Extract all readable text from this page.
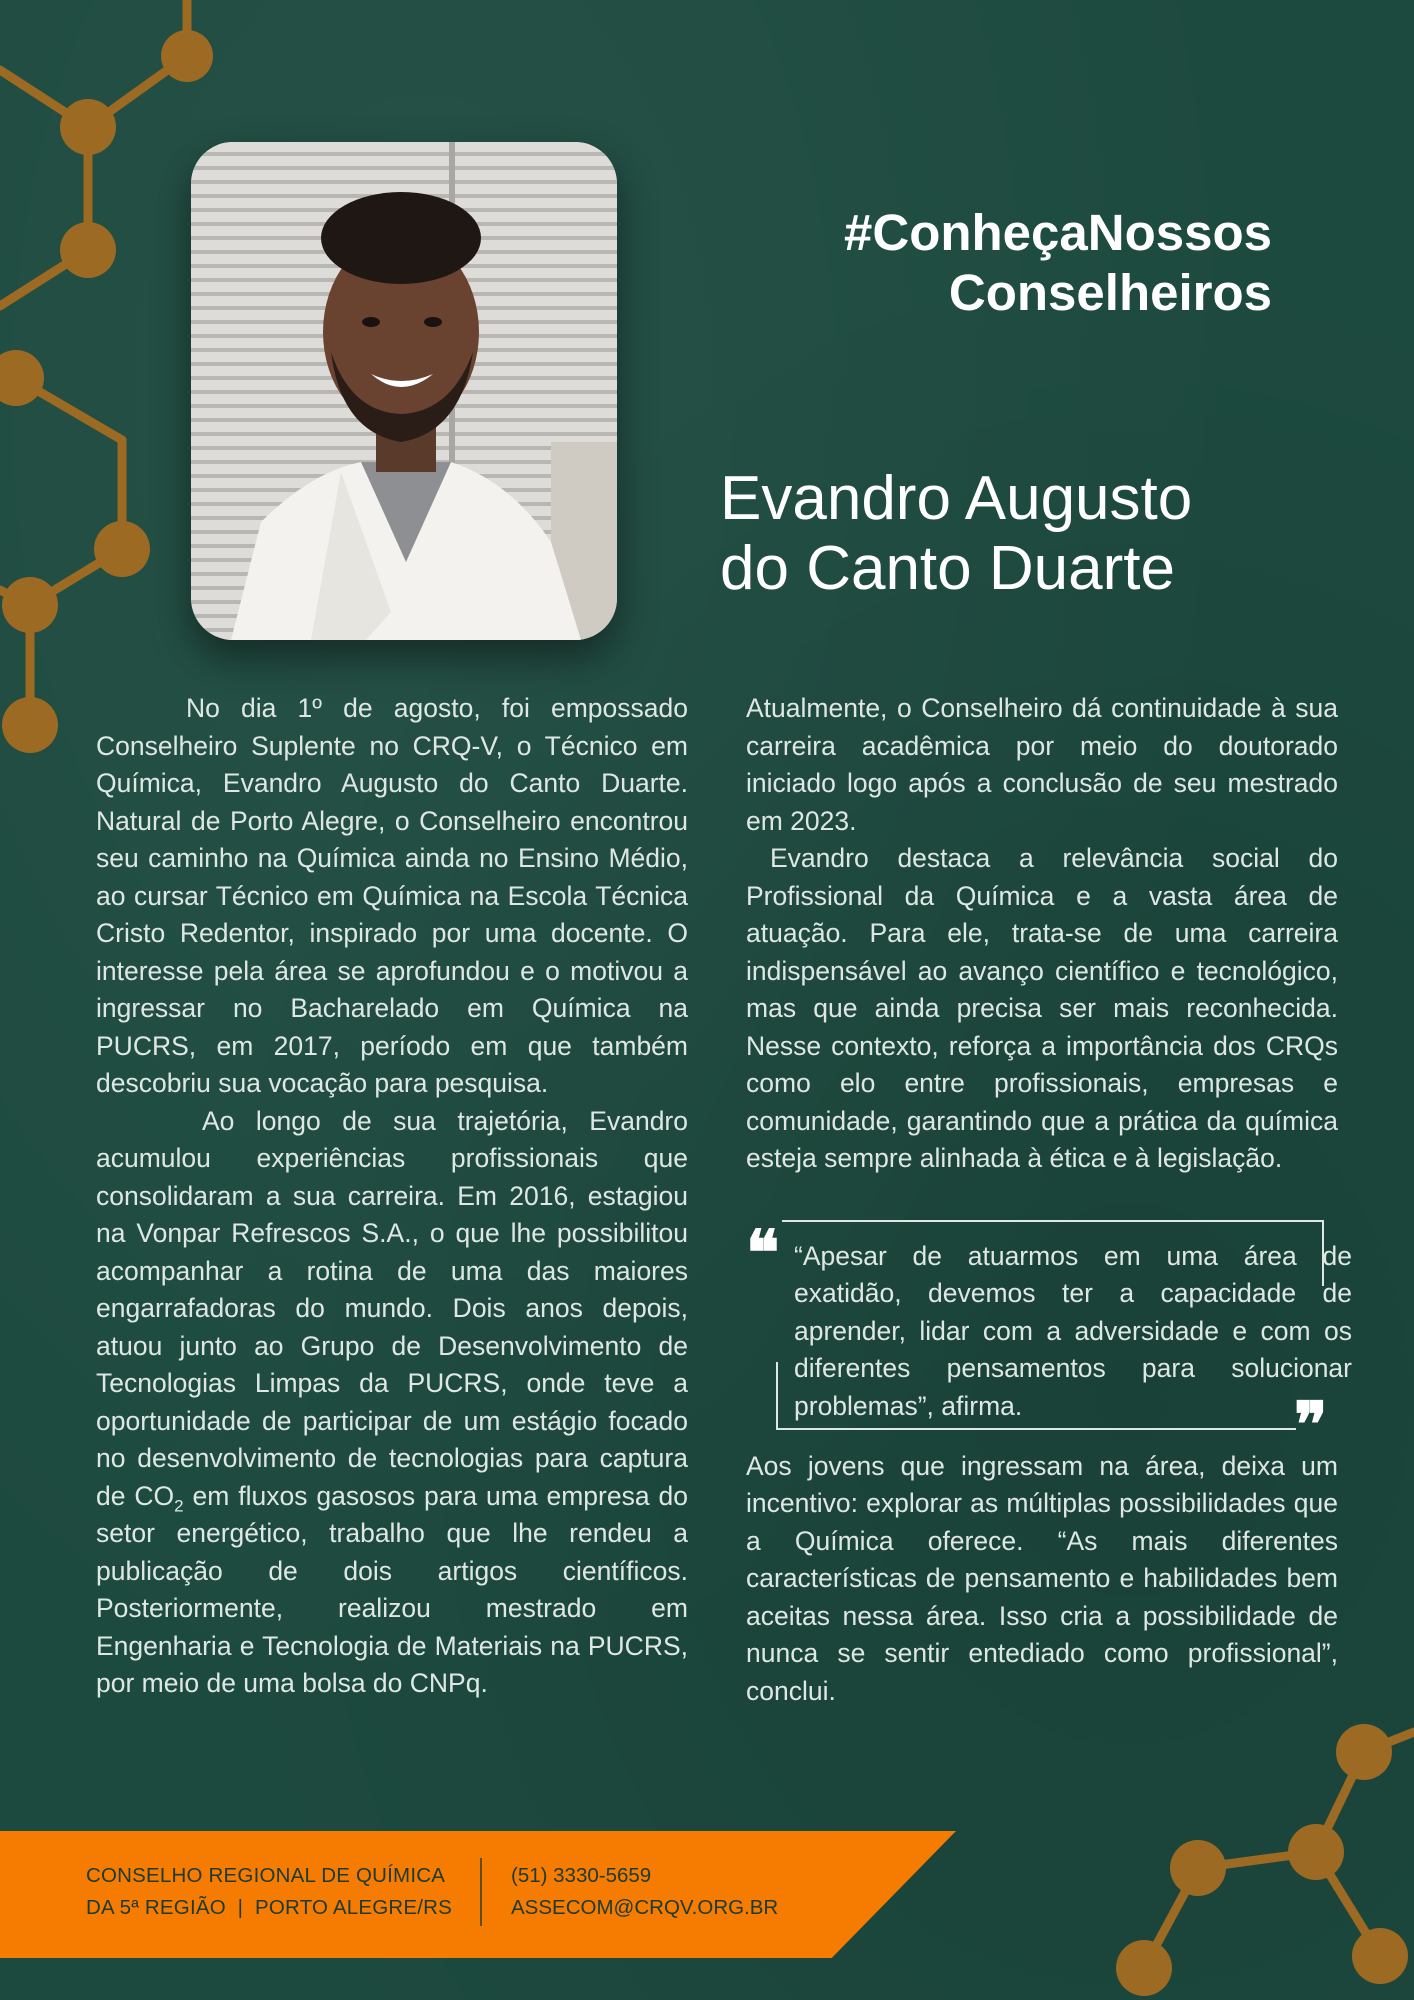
#ConheçaNossos
Conselheiros
Evandro Augusto
do Canto Duarte

No dia 1º de agosto, foi empossado Conselheiro Suplente no CRQ-V, o Técnico em Química, Evandro Augusto do Canto Duarte. Natural de Porto Alegre, o Conselheiro encontrou seu caminho na Química ainda no Ensino Médio, ao cursar Técnico em Química na Escola Técnica Cristo Redentor, inspirado por uma docente. O interesse pela área se aprofundou e o motivou a ingressar no Bacharelado em Química na PUCRS, em 2017, período em que também descobriu sua vocação para pesquisa.

Ao longo de sua trajetória, Evandro acumulou experiências profissionais que consolidaram a sua carreira. Em 2016, estagiou na Vonpar Refrescos S.A., o que lhe possibilitou acompanhar a rotina de uma das maiores engarrafadoras do mundo. Dois anos depois, atuou junto ao Grupo de Desenvolvimento de Tecnologias Limpas da PUCRS, onde teve a oportunidade de participar de um estágio focado no desenvolvimento de tecnologias para captura de $CO_2$ em fluxos gasosos para uma empresa do setor energético, trabalho que lhe rendeu a publicação de dois artigos científicos. Posteriormente, realizou mestrado em Engenharia e Tecnologia de Materiais na PUCRS, por meio de uma bolsa do CNPq.

Atualmente, o Conselheiro dá continuidade à sua carreira acadêmica por meio do doutorado iniciado logo após a conclusão de seu mestrado em 2023.

Evandro destaca a relevância social do Profissional da Química e a vasta área de atuação. Para ele, trata-se de uma carreira indispensável ao avanço científico e tecnológico, mas que ainda precisa ser mais reconhecida. Nesse contexto, reforça a importância dos CRQs como elo entre profissionais, empresas e comunidade, garantindo que a prática da química esteja sempre alinhada à ética e à legislação.

❝ “Apesar de atuarmos em uma área de exatidão, devemos ter a capacidade de aprender, lidar com a adversidade e com os diferentes pensamentos para solucionar problemas”, afirma.	❞

Aos jovens que ingressam na área, deixa um incentivo: explorar as múltiplas possibilidades que a Química oferece. “As mais diferentes características de pensamento e habilidades bem aceitas nessa área. Isso cria a possibilidade de nunca se sentir entediado como profissional”, conclui.

CONSELHO REGIONAL DE QUÍMICA
DA 5ª REGIÃO  |  PORTO ALEGRE/RS
(51) 3330-5659
ASSECOM@CRQV.ORG.BR
